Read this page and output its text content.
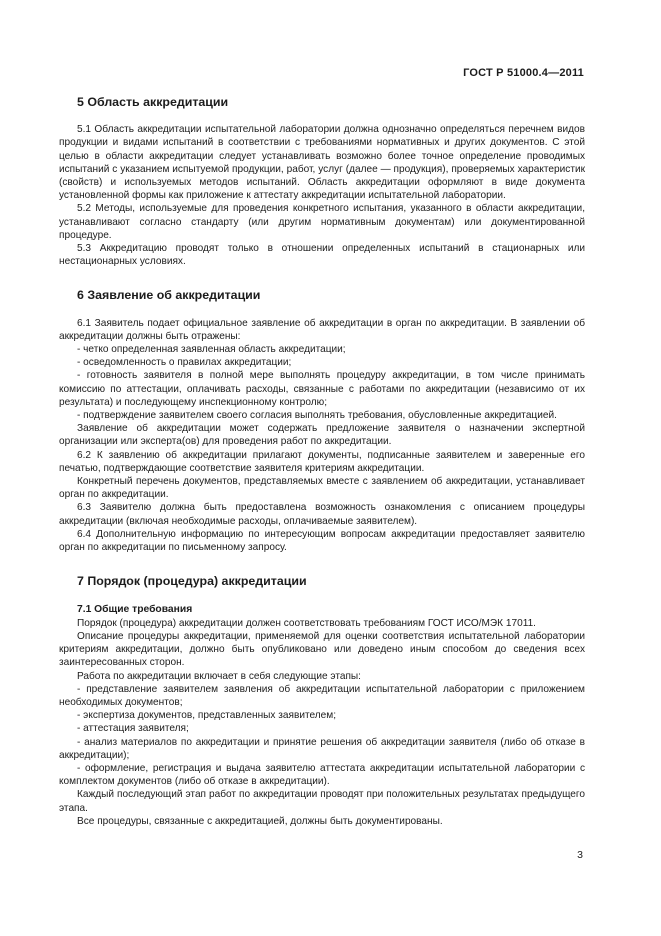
ГОСТ Р 51000.4—2011
5 Область аккредитации

5.1 Область аккредитации испытательной лаборатории должна однозначно определяться перечнем видов продукции и видами испытаний в соответствии с требованиями нормативных и других документов. С этой целью в области аккредитации следует устанавливать возможно более точное определение проводимых испытаний с указанием испытуемой продукции, работ, услуг (далее — продукция), проверяемых характеристик (свойств) и используемых методов испытаний. Область аккредитации оформляют в виде документа установленной формы как приложение к аттестату аккредитации испытательной лаборатории.

5.2 Методы, используемые для проведения конкретного испытания, указанного в области аккредитации, устанавливают согласно стандарту (или другим нормативным документам) или документированной процедуре.

5.3 Аккредитацию проводят только в отношении определенных испытаний в стационарных или нестационарных условиях.

6 Заявление об аккредитации

6.1 Заявитель подает официальное заявление об аккредитации в орган по аккредитации. В заявлении об аккредитации должны быть отражены:

- четко определенная заявленная область аккредитации;

- осведомленность о правилах аккредитации;

- готовность заявителя в полной мере выполнять процедуру аккредитации, в том числе принимать комиссию по аттестации, оплачивать расходы, связанные с работами по аккредитации (независимо от их результата) и последующему инспекционному контролю;

- подтверждение заявителем своего согласия выполнять требования, обусловленные аккредитацией.

Заявление об аккредитации может содержать предложение заявителя о назначении экспертной организации или эксперта(ов) для проведения работ по аккредитации.

6.2 К заявлению об аккредитации прилагают документы, подписанные заявителем и заверенные его печатью, подтверждающие соответствие заявителя критериям аккредитации.

Конкретный перечень документов, представляемых вместе с заявлением об аккредитации, устанавливает орган по аккредитации.

6.3 Заявителю должна быть предоставлена возможность ознакомления с описанием процедуры аккредитации (включая необходимые расходы, оплачиваемые заявителем).

6.4 Дополнительную информацию по интересующим вопросам аккредитации предоставляет заявителю орган по аккредитации по письменному запросу.

7 Порядок (процедура) аккредитации
7.1 Общие требования

Порядок (процедура) аккредитации должен соответствовать требованиям ГОСТ ИСО/МЭК 17011.

Описание процедуры аккредитации, применяемой для оценки соответствия испытательной лаборатории критериям аккредитации, должно быть опубликовано или доведено иным способом до сведения всех заинтересованных сторон.

Работа по аккредитации включает в себя следующие этапы:

- представление заявителем заявления об аккредитации испытательной лаборатории с приложением необходимых документов;

- экспертиза документов, представленных заявителем;

- аттестация заявителя;

- анализ материалов по аккредитации и принятие решения об аккредитации заявителя (либо об отказе в аккредитации);

- оформление, регистрация и выдача заявителю аттестата аккредитации испытательной лаборатории с комплектом документов (либо об отказе в аккредитации).

Каждый последующий этап работ по аккредитации проводят при положительных результатах предыдущего этапа.

Все процедуры, связанные с аккредитацией, должны быть документированы.

3
